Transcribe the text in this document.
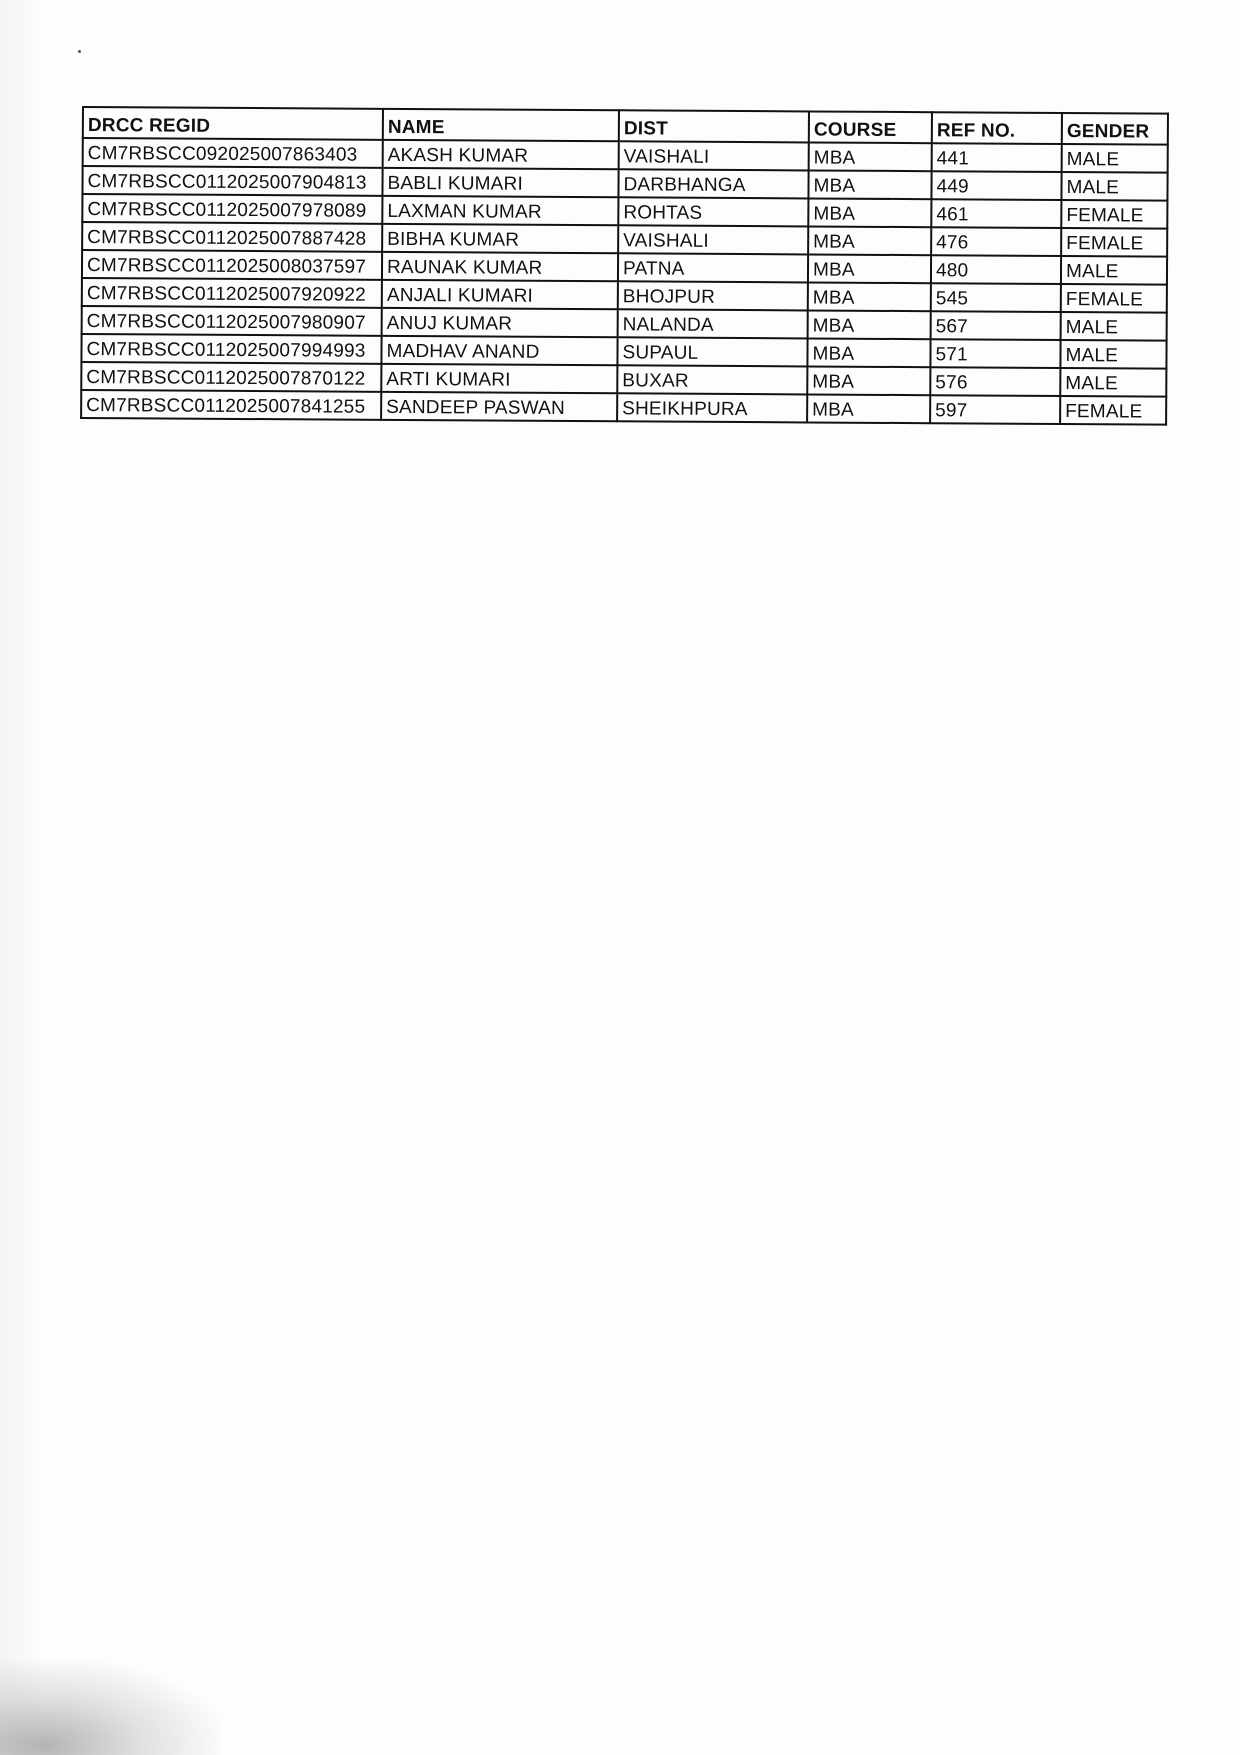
DRCC REGID	NAME	DIST	COURSE	REF NO.	GENDER
CM7RBSCC092025007863403	AKASH KUMAR	VAISHALI	MBA	441	MALE
CM7RBSCC0112025007904813	BABLI KUMARI	DARBHANGA	MBA	449	MALE
CM7RBSCC0112025007978089	LAXMAN KUMAR	ROHTAS	MBA	461	FEMALE
CM7RBSCC0112025007887428	BIBHA KUMAR	VAISHALI	MBA	476	FEMALE
CM7RBSCC0112025008037597	RAUNAK KUMAR	PATNA	MBA	480	MALE
CM7RBSCC0112025007920922	ANJALI KUMARI	BHOJPUR	MBA	545	FEMALE
CM7RBSCC0112025007980907	ANUJ KUMAR	NALANDA	MBA	567	MALE
CM7RBSCC0112025007994993	MADHAV ANAND	SUPAUL	MBA	571	MALE
CM7RBSCC0112025007870122	ARTI KUMARI	BUXAR	MBA	576	MALE
CM7RBSCC0112025007841255	SANDEEP PASWAN	SHEIKHPURA	MBA	597	FEMALE
